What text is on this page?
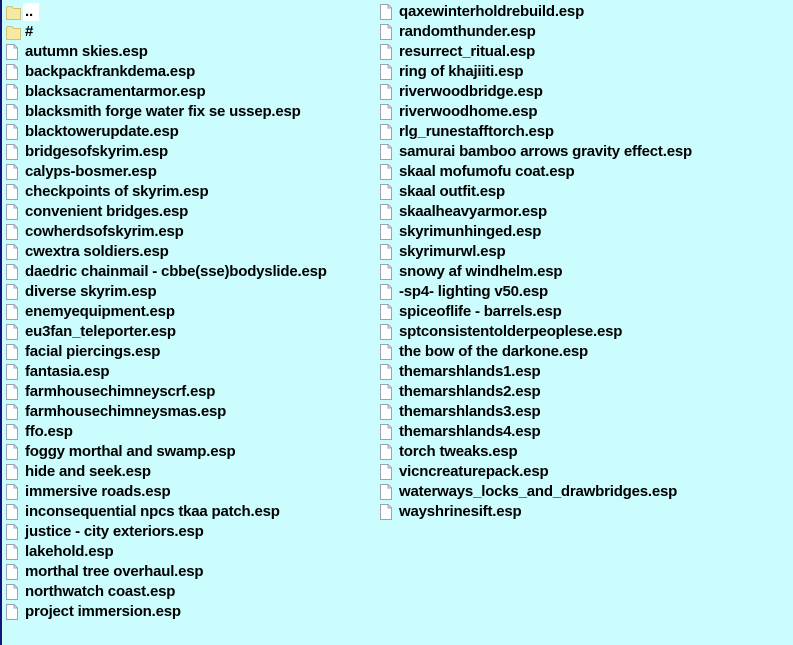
..
#
autumn skies.esp
backpackfrankdema.esp
blacksacramentarmor.esp
blacksmith forge water fix se ussep.esp
blacktowerupdate.esp
bridgesofskyrim.esp
calyps-bosmer.esp
checkpoints of skyrim.esp
convenient bridges.esp
cowherdsofskyrim.esp
cwextra soldiers.esp
daedric chainmail - cbbe(sse)bodyslide.esp
diverse skyrim.esp
enemyequipment.esp
eu3fan_teleporter.esp
facial piercings.esp
fantasia.esp
farmhousechimneyscrf.esp
farmhousechimneysmas.esp
ffo.esp
foggy morthal and swamp.esp
hide and seek.esp
immersive roads.esp
inconsequential npcs tkaa patch.esp
justice - city exteriors.esp
lakehold.esp
morthal tree overhaul.esp
northwatch coast.esp
project immersion.esp
qaxewinterholdrebuild.esp
randomthunder.esp
resurrect_ritual.esp
ring of khajiiti.esp
riverwoodbridge.esp
riverwoodhome.esp
rlg_runestafftorch.esp
samurai bamboo arrows gravity effect.esp
skaal mofumofu coat.esp
skaal outfit.esp
skaalheavyarmor.esp
skyrimunhinged.esp
skyrimurwl.esp
snowy af windhelm.esp
-sp4- lighting v50.esp
spiceoflife - barrels.esp
sptconsistentolderpeoplese.esp
the bow of the darkone.esp
themarshlands1.esp
themarshlands2.esp
themarshlands3.esp
themarshlands4.esp
torch tweaks.esp
vicncreaturepack.esp
waterways_locks_and_drawbridges.esp
wayshrinesift.esp
